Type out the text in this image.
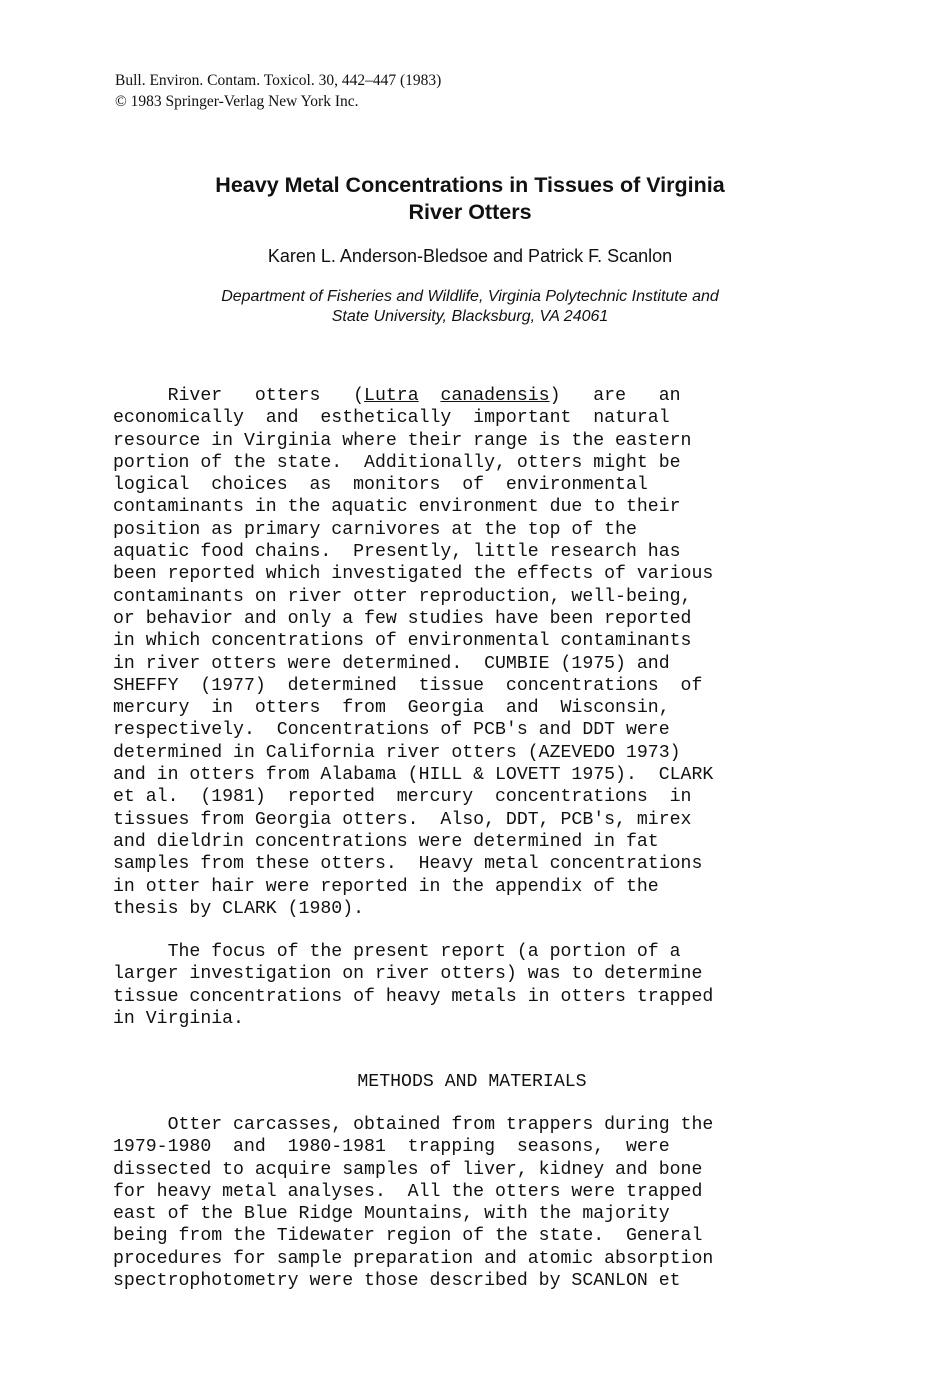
Bull. Environ. Contam. Toxicol. 30, 442–447 (1983)
© 1983 Springer-Verlag New York Inc.
Heavy Metal Concentrations in Tissues of Virginia
River Otters
Karen L. Anderson-Bledsoe and Patrick F. Scanlon
Department of Fisheries and Wildlife, Virginia Polytechnic Institute and
State University, Blacksburg, VA 24061
River   otters   (Lutra canadensis)   are   an
economically  and  esthetically  important  natural
resource in Virginia where their range is the eastern
portion of the state.  Additionally, otters might be
logical  choices  as  monitors  of  environmental
contaminants in the aquatic environment due to their
position as primary carnivores at the top of the
aquatic food chains.  Presently, little research has
been reported which investigated the effects of various
contaminants on river otter reproduction, well-being,
or behavior and only a few studies have been reported
in which concentrations of environmental contaminants
in river otters were determined.  CUMBIE (1975) and
SHEFFY  (1977)  determined  tissue  concentrations  of
mercury  in  otters  from  Georgia  and  Wisconsin,
respectively.  Concentrations of PCB's and DDT were
determined in California river otters (AZEVEDO 1973)
and in otters from Alabama (HILL & LOVETT 1975).  CLARK
et al.  (1981)  reported  mercury  concentrations  in
tissues from Georgia otters.  Also, DDT, PCB's, mirex
and dieldrin concentrations were determined in fat
samples from these otters.  Heavy metal concentrations
in otter hair were reported in the appendix of the
thesis by CLARK (1980).
The focus of the present report (a portion of a
larger investigation on river otters) was to determine
tissue concentrations of heavy metals in otters trapped
in Virginia.
METHODS AND MATERIALS
Otter carcasses, obtained from trappers during the
1979-1980  and  1980-1981  trapping  seasons,  were
dissected to acquire samples of liver, kidney and bone
for heavy metal analyses.  All the otters were trapped
east of the Blue Ridge Mountains, with the majority
being from the Tidewater region of the state.  General
procedures for sample preparation and atomic absorption
spectrophotometry were those described by SCANLON et
